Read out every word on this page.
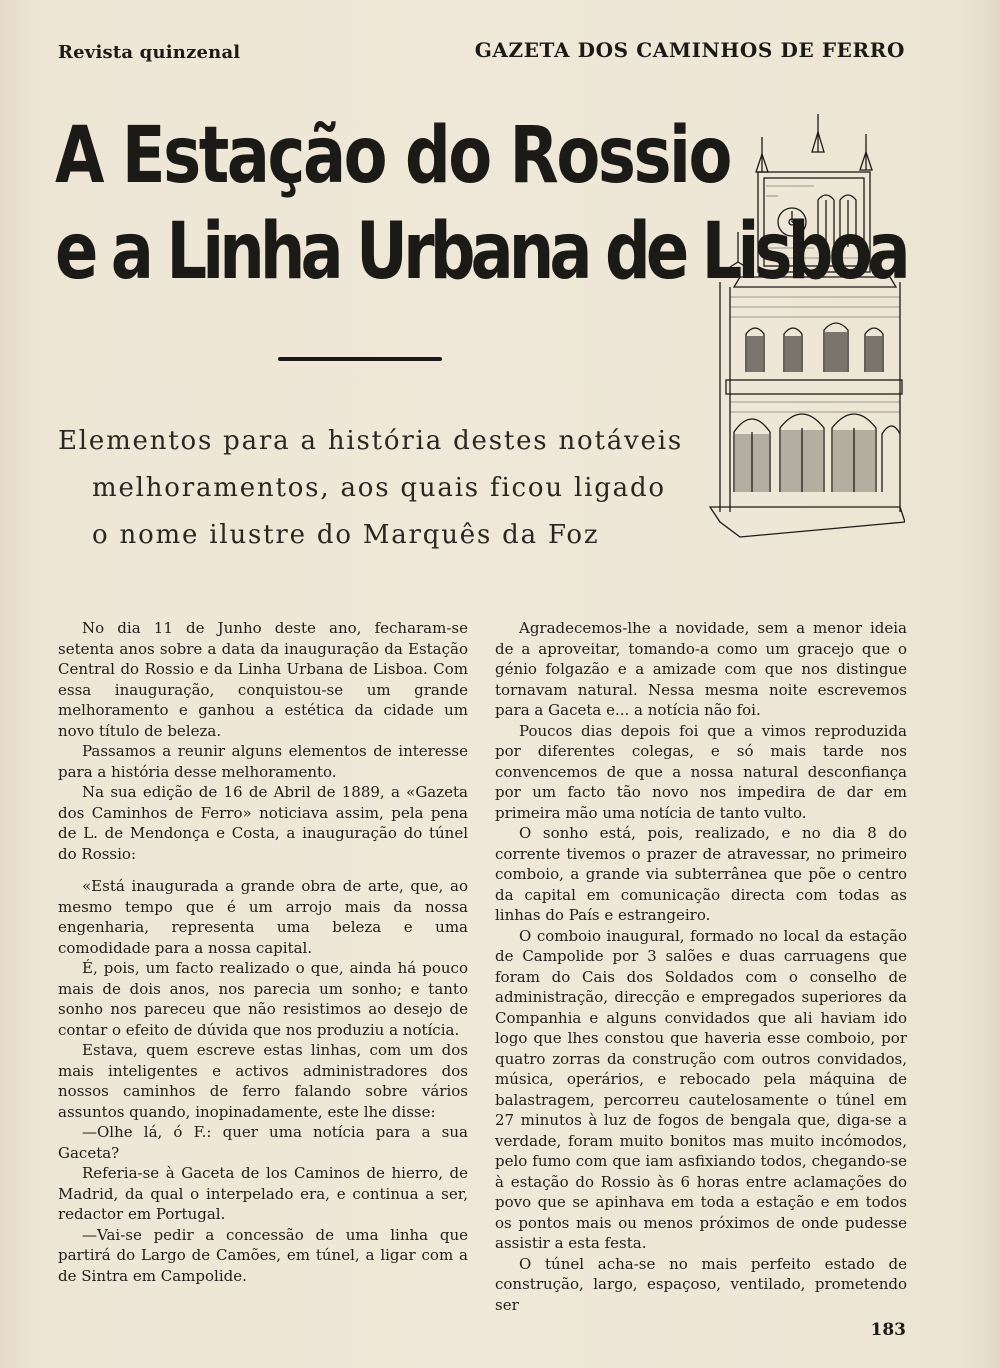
Revista quinzenal	GAZETA DOS CAMINHOS DE FERRO
A Estação do Rossio
e a Linha Urbana de Lisboa
Elementos para a história destes notáveis
melhoramentos, aos quais ficou ligado
o nome ilustre do Marquês da Foz

No dia 11 de Junho deste ano, fecharam-se setenta anos sobre a data da inauguração da Estação Central do Rossio e da Linha Urbana de Lisboa. Com essa inauguração, conquistou-se um grande melhoramento e ganhou a estética da cidade um novo título de beleza.

Passamos a reunir alguns elementos de interesse para a história desse melhoramento.

Na sua edição de 16 de Abril de 1889, a «Gazeta dos Caminhos de Ferro» noticiava assim, pela pena de L. de Mendonça e Costa, a inauguração do túnel do Rossio:

«Está inaugurada a grande obra de arte, que, ao mesmo tempo que é um arrojo mais da nossa engenharia, representa uma beleza e uma comodidade para a nossa capital.

É, pois, um facto realizado o que, ainda há pouco mais de dois anos, nos parecia um sonho; e tanto sonho nos pareceu que não resistimos ao desejo de contar o efeito de dúvida que nos produziu a notícia.

Estava, quem escreve estas linhas, com um dos mais inteligentes e activos administradores dos nossos caminhos de ferro falando sobre vários assuntos quando, inopinadamente, este lhe disse:

—Olhe lá, ó F.: quer uma notícia para a sua Gaceta?

Referia-se à Gaceta de los Caminos de hierro, de Madrid, da qual o interpelado era, e continua a ser, redactor em Portugal.

—Vai-se pedir a concessão de uma linha que partirá do Largo de Camões, em túnel, a ligar com a de Sintra em Campolide.

Agradecemos-lhe a novidade, sem a menor ideia de a aproveitar, tomando-a como um gracejo que o génio folgazão e a amizade com que nos distingue tornavam natural. Nessa mesma noite escrevemos para a Gaceta e... a notícia não foi.

Poucos dias depois foi que a vimos reproduzida por diferentes colegas, e só mais tarde nos convencemos de que a nossa natural desconfiança por um facto tão novo nos impedira de dar em primeira mão uma notícia de tanto vulto.

O sonho está, pois, realizado, e no dia 8 do corrente tivemos o prazer de atravessar, no primeiro comboio, a grande via subterrânea que põe o centro da capital em comunicação directa com todas as linhas do País e estrangeiro.

O comboio inaugural, formado no local da estação de Campolide por 3 salões e duas carruagens que foram do Cais dos Soldados com o conselho de administração, direcção e empregados superiores da Companhia e alguns convidados que ali haviam ido logo que lhes constou que haveria esse comboio, por quatro zorras da construção com outros convidados, música, operários, e rebocado pela máquina de balastragem, percorreu cautelosamente o túnel em 27 minutos à luz de fogos de bengala que, diga-se a verdade, foram muito bonitos mas muito incómodos, pelo fumo com que iam asfixiando todos, chegando-se à estação do Rossio às 6 horas entre aclamações do povo que se apinhava em toda a estação e em todos os pontos mais ou menos próximos de onde pudesse assistir a esta festa.

O túnel acha-se no mais perfeito estado de construção, largo, espaçoso, ventilado, prometendo ser

183
